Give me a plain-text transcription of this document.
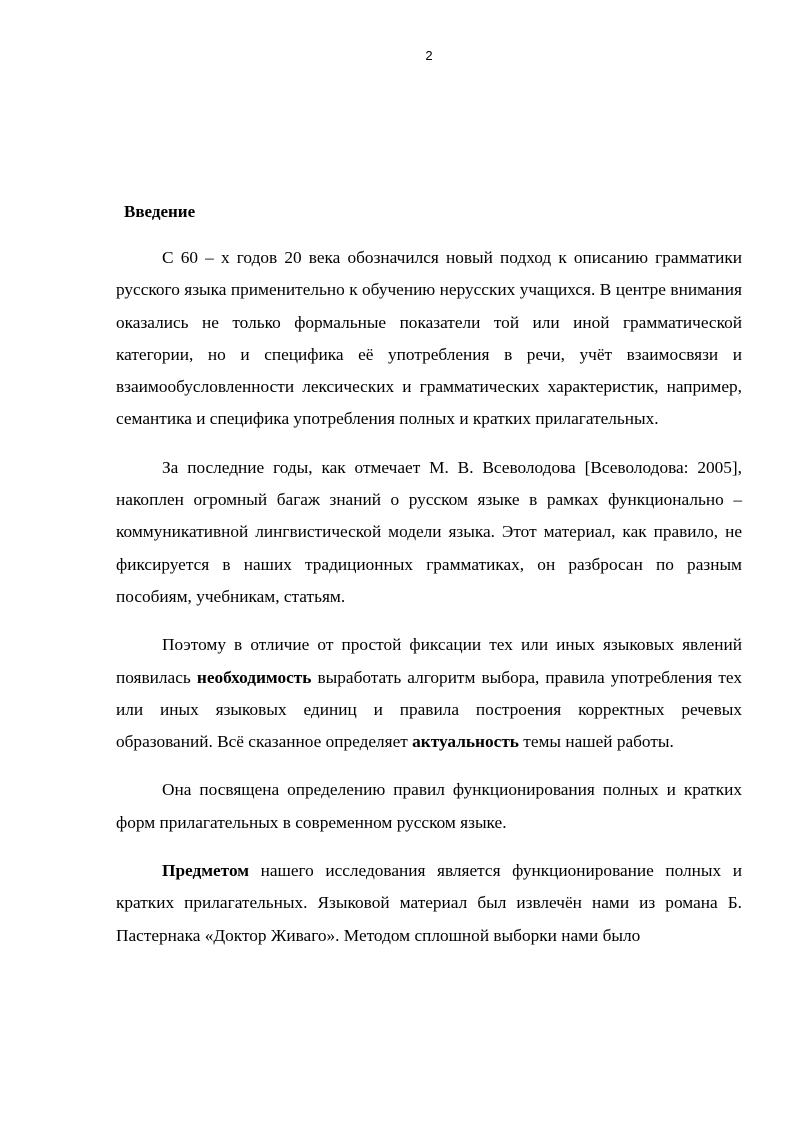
2
Введение

С 60 – х годов 20 века обозначился новый подход к описанию грамматики русского языка применительно к обучению нерусских учащихся. В центре внимания оказались не только формальные показатели той или иной грамматической категории, но и специфика её употребления в речи, учёт взаимосвязи и взаимообусловленности лексических и грамматических характеристик, например, семантика и специфика употребления полных и кратких прилагательных.

За последние годы, как отмечает М. В. Всеволодова [Всеволодова: 2005], накоплен огромный багаж знаний о русском языке в рамках функционально – коммуникативной лингвистической модели языка. Этот материал, как правило, не фиксируется в наших традиционных грамматиках, он разбросан по разным пособиям, учебникам, статьям.

Поэтому в отличие от простой фиксации тех или иных языковых явлений появилась необходимость выработать алгоритм выбора, правила употребления тех или иных языковых единиц и правила построения корректных речевых образований. Всё сказанное определяет актуальность темы нашей работы.

Она посвящена определению правил функционирования полных и кратких форм прилагательных в современном русском языке.

Предметом нашего исследования является функционирование полных и кратких прилагательных. Языковой материал был извлечён нами из романа Б. Пастернака «Доктор Живаго». Методом сплошной выборки нами было
